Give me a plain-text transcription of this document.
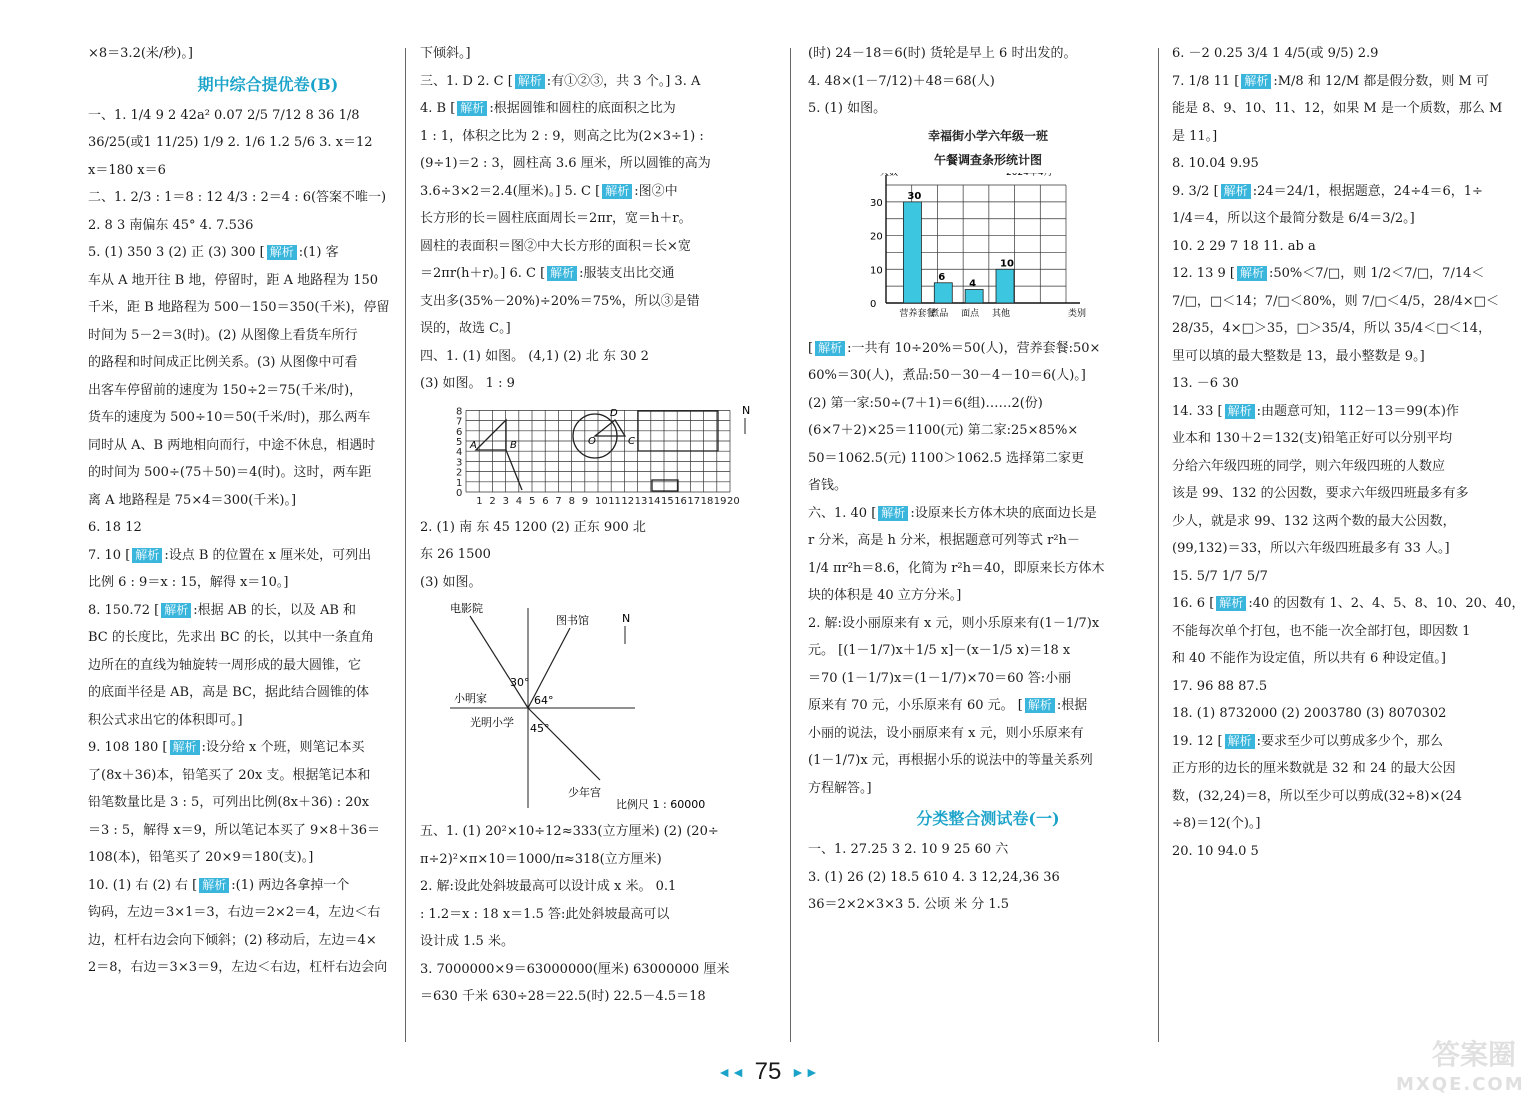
×8＝3.2(米/秒)。]

期中综合提优卷(B)

一、1. 1/4 9 2 42a² 0.07 2/5 7/12 8 36 1/8

36/25(或1 11/25) 1/9 2. 1/6 1.2 5/6 3. x＝12

x＝180 x＝6

二、1. 2/3 : 1＝8 : 12 4/3 : 2＝4 : 6(答案不唯一)

2. 8 3 南偏东 45° 4. 7.536

5. (1) 350 3 (2) 正 (3) 300 [ 解析 :(1) 客

车从 A 地开往 B 地，停留时，距 A 地路程为 150

千米，距 B 地路程为 500－150＝350(千米)，停留

时间为 5－2＝3(时)。(2) 从图像上看货车所行

的路程和时间成正比例关系。(3) 从图像中可看

出客车停留前的速度为 150÷2＝75(千米/时)，

货车的速度为 500÷10＝50(千米/时)，那么两车

同时从 A、B 两地相向而行，中途不休息，相遇时

的时间为 500÷(75＋50)＝4(时)。这时，两车距

离 A 地路程是 75×4＝300(千米)。]

6. 18 12

7. 10 [ 解析 :设点 B 的位置在 x 厘米处，可列出

比例 6 : 9＝x : 15，解得 x＝10。]

8. 150.72 [ 解析 :根据 AB 的长，以及 AB 和

BC 的长度比，先求出 BC 的长，以其中一条直角

边所在的直线为轴旋转一周形成的最大圆锥，它

的底面半径是 AB，高是 BC，据此结合圆锥的体

积公式求出它的体积即可。]

9. 108 180 [ 解析 :设分给 x 个班，则笔记本买

了(8x＋36)本，铅笔买了 20x 支。根据笔记本和

铅笔数量比是 3 : 5，可列出比例(8x＋36) : 20x

＝3 : 5，解得 x＝9，所以笔记本买了 9×8＋36＝

108(本)，铅笔买了 20×9＝180(支)。]

10. (1) 右 (2) 右 [ 解析 :(1) 两边各拿掉一个

钩码，左边＝3×1＝3，右边＝2×2＝4，左边＜右

边，杠杆右边会向下倾斜；(2) 移动后，左边＝4×

2＝8，右边＝3×3＝9，左边＜右边，杠杆右边会向

下倾斜。]

三、1. D 2. C [ 解析 :有①②③，共 3 个。] 3. A

4. B [ 解析 :根据圆锥和圆柱的底面积之比为

1 : 1，体积之比为 2 : 9，则高之比为(2×3÷1) :

(9÷1)＝2 : 3，圆柱高 3.6 厘米，所以圆锥的高为

3.6÷3×2＝2.4(厘米)。] 5. C [ 解析 :图②中

长方形的长＝圆柱底面周长＝2πr，宽＝h＋r。

圆柱的表面积＝图②中大长方形的面积＝长×宽

＝2πr(h＋r)。] 6. C [ 解析 :服装支出比交通

支出多(35%－20%)÷20%＝75%，所以③是错

误的，故选 C。]

四、1. (1) 如图。 (4,1) (2) 北 东 30 2

(3) 如图。 1 : 9

1 2 3 4 5 6 7 8 9 10 11 12 13 14 15 16 17 18 19 20
0
1
2
3
4
5
6
7
8
A	B	O	C
D	N

2. (1) 南 东 45 1200 (2) 正东 900 北

东 26 1500

(3) 如图。

电影院
图书馆
小明家
光明小学
少年宫
30°
64°
45°
N
比例尺 1 : 60000

五、1. (1) 20²×10÷12≈333(立方厘米) (2) (20÷

π÷2)²×π×10＝1000/π≈318(立方厘米)

2. 解:设此处斜坡最高可以设计成 x 米。 0.1

: 1.2＝x : 18 x＝1.5 答:此处斜坡最高可以

设计成 1.5 米。

3. 7000000×9＝63000000(厘米) 63000000 厘米

＝630 千米 630÷28＝22.5(时) 22.5－4.5＝18

(时) 24－18＝6(时) 货轮是早上 6 时出发的。

4. 48×(1－7/12)＋48＝68(人)

5. (1) 如图。

幸福街小学六年级一班
午餐调查条形统计图
0
10
20
30
人数	2024年4月
30
营养套餐
6
煮品
4
面点
10
其他	类别

[ 解析 :一共有 10÷20%＝50(人)，营养套餐:50×

60%＝30(人)，煮品:50－30－4－10＝6(人)。]

(2) 第一家:50÷(7＋1)＝6(组)……2(份)

(6×7＋2)×25＝1100(元) 第二家:25×85%×

50＝1062.5(元) 1100＞1062.5 选择第二家更

省钱。

六、1. 40 [ 解析 :设原来长方体木块的底面边长是

r 分米，高是 h 分米，根据题意可列等式 r²h－

1/4 πr²h＝8.6，化简为 r²h＝40，即原来长方体木

块的体积是 40 立方分米。]

2. 解:设小丽原来有 x 元，则小乐原来有(1－1/7)x

元。 [(1－1/7)x＋1/5 x]－(x－1/5 x)＝18 x

＝70 (1－1/7)x＝(1－1/7)×70＝60 答:小丽

原来有 70 元，小乐原来有 60 元。 [ 解析 :根据

小丽的说法，设小丽原来有 x 元，则小乐原来有

(1－1/7)x 元，再根据小乐的说法中的等量关系列

方程解答。]

分类整合测试卷(一)

一、1. 27.25 3 2. 10 9 25 60 六

3. (1) 26 (2) 18.5 610 4. 3 12,24,36 36

36＝2×2×3×3 5. 公顷 米 分 1.5

6. －2 0.25 3/4 1 4/5(或 9/5) 2.9

7. 1/8 11 [ 解析 :M/8 和 12/M 都是假分数，则 M 可

能是 8、9、10、11、12，如果 M 是一个质数，那么 M

是 11。]

8. 10.04 9.95

9. 3/2 [ 解析 :24＝24/1，根据题意，24÷4＝6，1÷

1/4＝4，所以这个最简分数是 6/4＝3/2。]

10. 2 29 7 18 11. ab a

12. 13 9 [ 解析 :50%＜7/□，则 1/2＜7/□，7/14＜

7/□，□＜14；7/□＜80%，则 7/□＜4/5，28/4×□＜

28/35，4×□＞35，□＞35/4，所以 35/4＜□＜14，

里可以填的最大整数是 13，最小整数是 9。]

13. －6 30

14. 33 [ 解析 :由题意可知，112－13＝99(本)作

业本和 130＋2＝132(支)铅笔正好可以分别平均

分给六年级四班的同学，则六年级四班的人数应

该是 99、132 的公因数，要求六年级四班最多有多

少人，就是求 99、132 这两个数的最大公因数，

(99,132)＝33，所以六年级四班最多有 33 人。]

15. 5/7 1/7 5/7

16. 6 [ 解析 :40 的因数有 1、2、4、5、8、10、20、40，

不能每次单个打包，也不能一次全部打包，即因数 1

和 40 不能作为设定值，所以共有 6 种设定值。]

17. 96 88 87.5

18. (1) 8732000 (2) 2003780 (3) 8070302

19. 12 [ 解析 :要求至少可以剪成多少个，那么

正方形的边长的厘米数就是 32 和 24 的最大公因

数，(32,24)＝8，所以至少可以剪成(32÷8)×(24

÷8)＝12(个)。]

20. 10 94.0 5

◄◄ 75 ►►
答案圈
MXQE.COM
